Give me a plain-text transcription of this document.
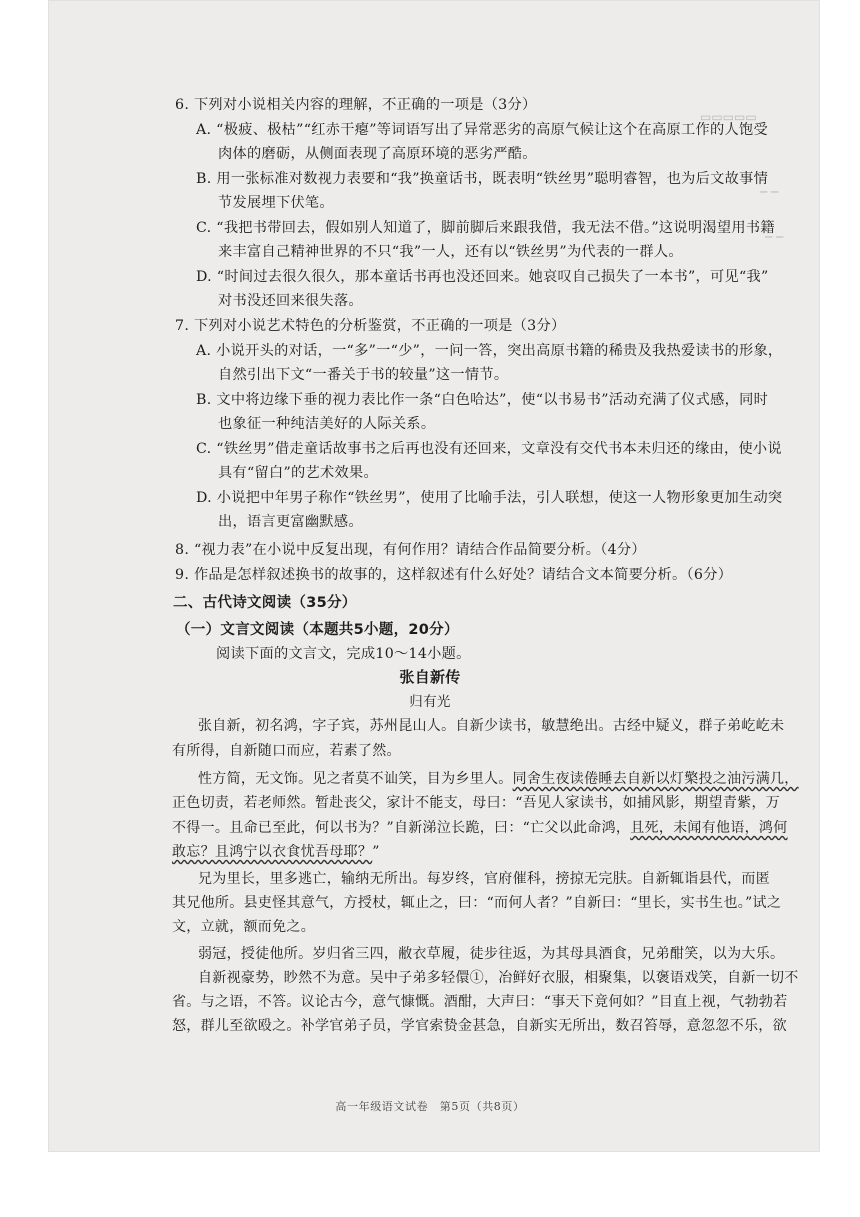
▭▭▭▭▭
─ ─
─ ─
6. 下列对小说相关内容的理解，不正确的一项是（3分）
A. “极疲、极枯”“红赤干瘪”等词语写出了异常恶劣的高原气候让这个在高原工作的人饱受
肉体的磨砺，从侧面表现了高原环境的恶劣严酷。
B. 用一张标准对数视力表要和“我”换童话书，既表明“铁丝男”聪明睿智，也为后文故事情
节发展埋下伏笔。
C. “我把书带回去，假如别人知道了，脚前脚后来跟我借，我无法不借。”这说明渴望用书籍
来丰富自己精神世界的不只“我”一人，还有以“铁丝男”为代表的一群人。
D. “时间过去很久很久，那本童话书再也没还回来。她哀叹自己损失了一本书”，可见“我”
对书没还回来很失落。
7. 下列对小说艺术特色的分析鉴赏，不正确的一项是（3分）
A. 小说开头的对话，一“多”一“少”，一问一答，突出高原书籍的稀贵及我热爱读书的形象，
自然引出下文“一番关于书的较量”这一情节。
B. 文中将边缘下垂的视力表比作一条“白色哈达”，使“以书易书”活动充满了仪式感，同时
也象征一种纯洁美好的人际关系。
C. “铁丝男”借走童话故事书之后再也没有还回来，文章没有交代书本未归还的缘由，使小说
具有“留白”的艺术效果。
D. 小说把中年男子称作“铁丝男”，使用了比喻手法，引人联想，使这一人物形象更加生动突
出，语言更富幽默感。
8. “视力表”在小说中反复出现，有何作用？请结合作品简要分析。（4分）
9. 作品是怎样叙述换书的故事的，这样叙述有什么好处？请结合文本简要分析。（6分）
二、古代诗文阅读（35分）
（一）文言文阅读（本题共5小题，20分）
阅读下面的文言文，完成10～14小题。
张自新传
归有光
张自新，初名鸿，字子宾，苏州昆山人。自新少读书，敏慧绝出。古经中疑义，群子弟屹屹未
有所得，自新随口而应，若素了然。
性方简，无文饰。见之者莫不讪笑，目为乡里人。同舍生夜读倦睡去自新以灯檠投之油污满几，
正色切责，若老师然。暂赴丧父，家计不能支，母曰：“吾见人家读书，如捕风影，期望青紫，万
不得一。且命已至此，何以书为？”自新涕泣长跪，曰：“亡父以此命鸿，且死，未闻有他语，鸿何
敢忘？且鸿宁以衣食忧吾母耶？”
兄为里长，里多逃亡，输纳无所出。每岁终，官府催科，搒掠无完肤。自新辄诣县代，而匿
其兄他所。县吏怪其意气，方授杖，辄止之，曰：“而何人者？”自新曰：“里长，实书生也。”试之
文，立就，额而免之。
弱冠，授徒他所。岁归省三四，敝衣草履，徒步往返，为其母具酒食，兄弟酣笑，以为大乐。
自新视豪势，眇然不为意。吴中子弟多轻儇①，冶鲜好衣服，相聚集，以褒语戏笑，自新一切不
省。与之语，不答。议论古今，意气慷慨。酒酣，大声曰：“事天下竟何如？”目直上视，气勃勃若
怒，群儿至欲殴之。补学官弟子员，学官索贽金甚急，自新实无所出，数召笞辱，意忽忽不乐，欲
高一年级语文试卷　第5页（共8页）
